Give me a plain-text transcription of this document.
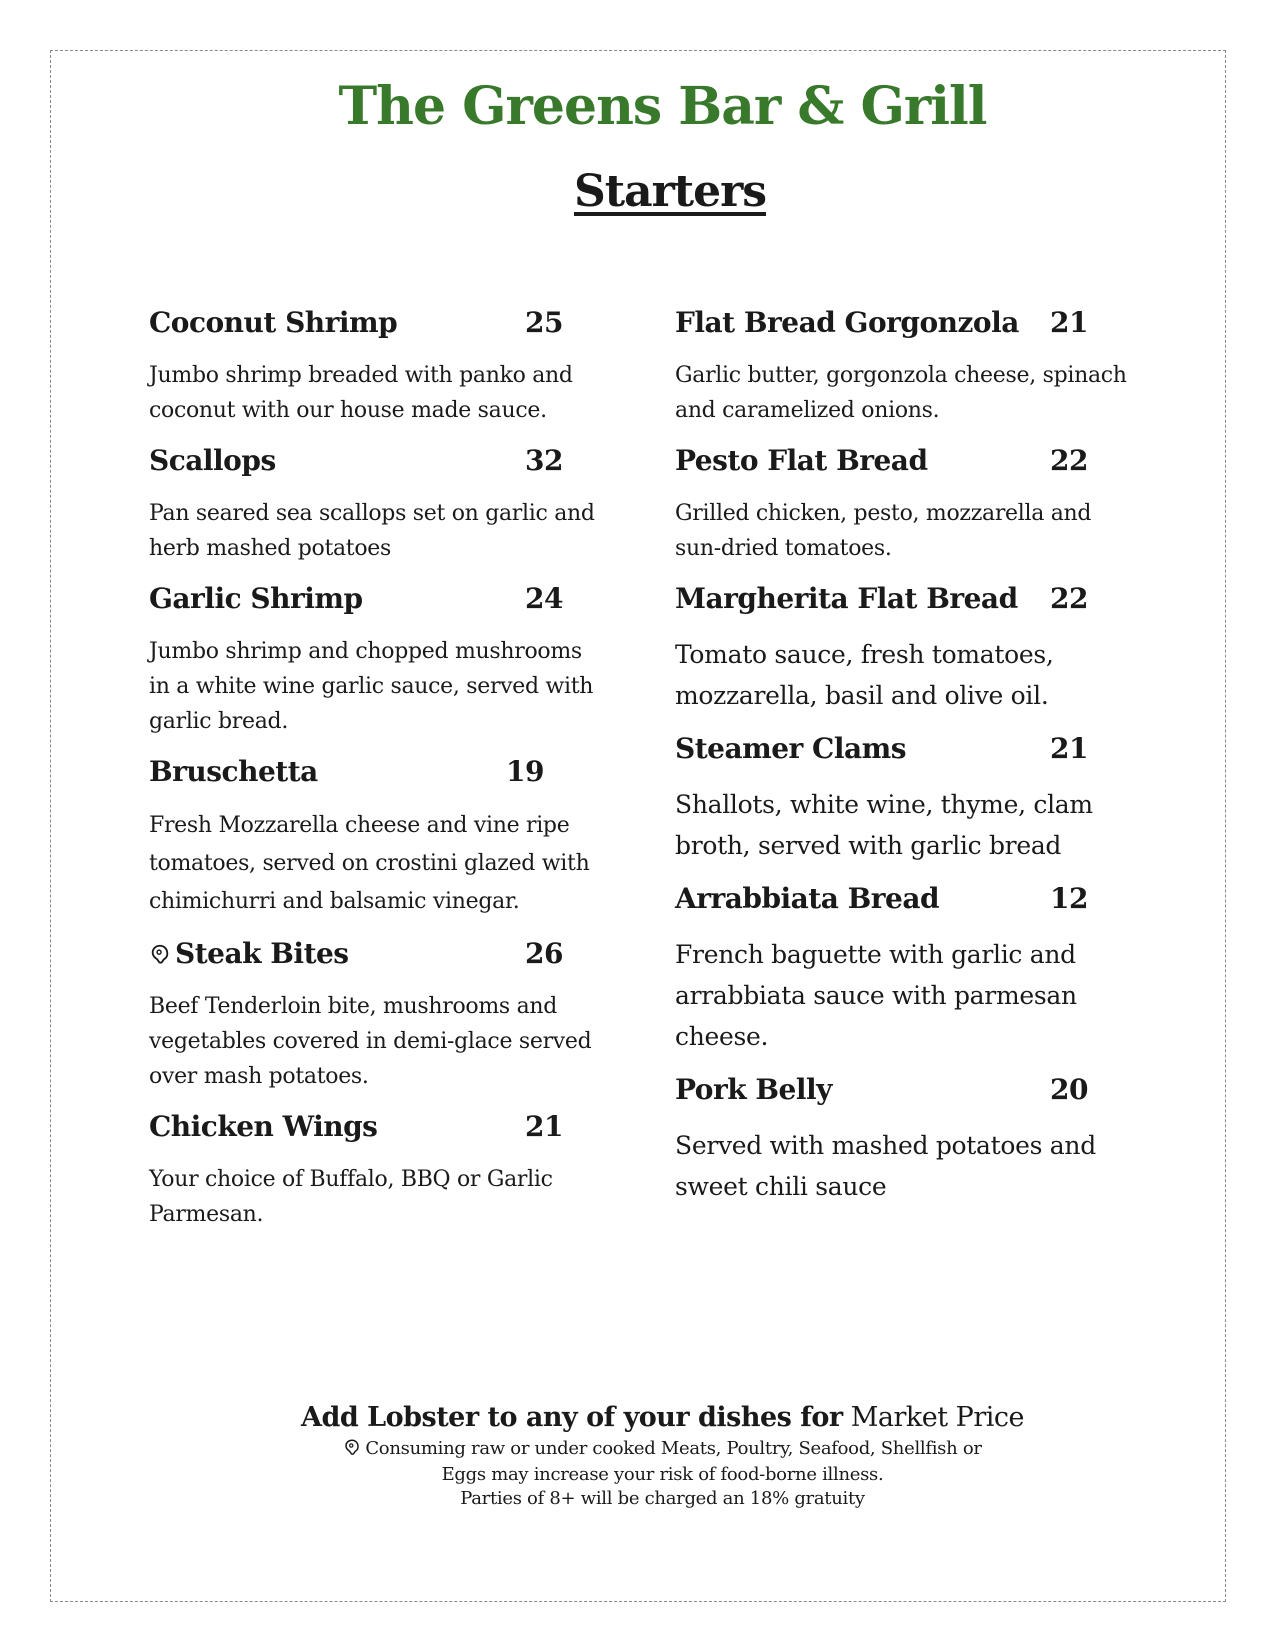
The Greens Bar & Grill
Starters
Coconut Shrimp	25
Jumbo shrimp breaded with panko and coconut with our house made sauce.
Scallops	32
Pan seared sea scallops set on garlic and herb mashed potatoes
Garlic Shrimp	24
Jumbo shrimp and chopped mushrooms in a white wine garlic sauce, served with garlic bread.
Bruschetta	19
Fresh Mozzarella cheese and vine ripe tomatoes, served on crostini glazed with chimichurri and balsamic vinegar.
Steak Bites	26
Beef Tenderloin bite, mushrooms and vegetables covered in demi-glace served over mash potatoes.
Chicken Wings	21
Your choice of Buffalo, BBQ or Garlic Parmesan.
Flat Bread Gorgonzola 21
Garlic butter, gorgonzola cheese, spinach and caramelized onions.
Pesto Flat Bread	22
Grilled chicken, pesto, mozzarella and sun-dried tomatoes.
Margherita Flat Bread 22
Tomato sauce, fresh tomatoes, mozzarella, basil and olive oil.
Steamer Clams	21
Shallots, white wine, thyme, clam broth, served with garlic bread
Arrabbiata Bread	12
French baguette with garlic and arrabbiata sauce with parmesan cheese.
Pork Belly	20
Served with mashed potatoes and sweet chili sauce
Add Lobster to any of your dishes for Market Price
Consuming raw or under cooked Meats, Poultry, Seafood, Shellfish or
Eggs may increase your risk of food-borne illness.
Parties of 8+ will be charged an 18% gratuity
